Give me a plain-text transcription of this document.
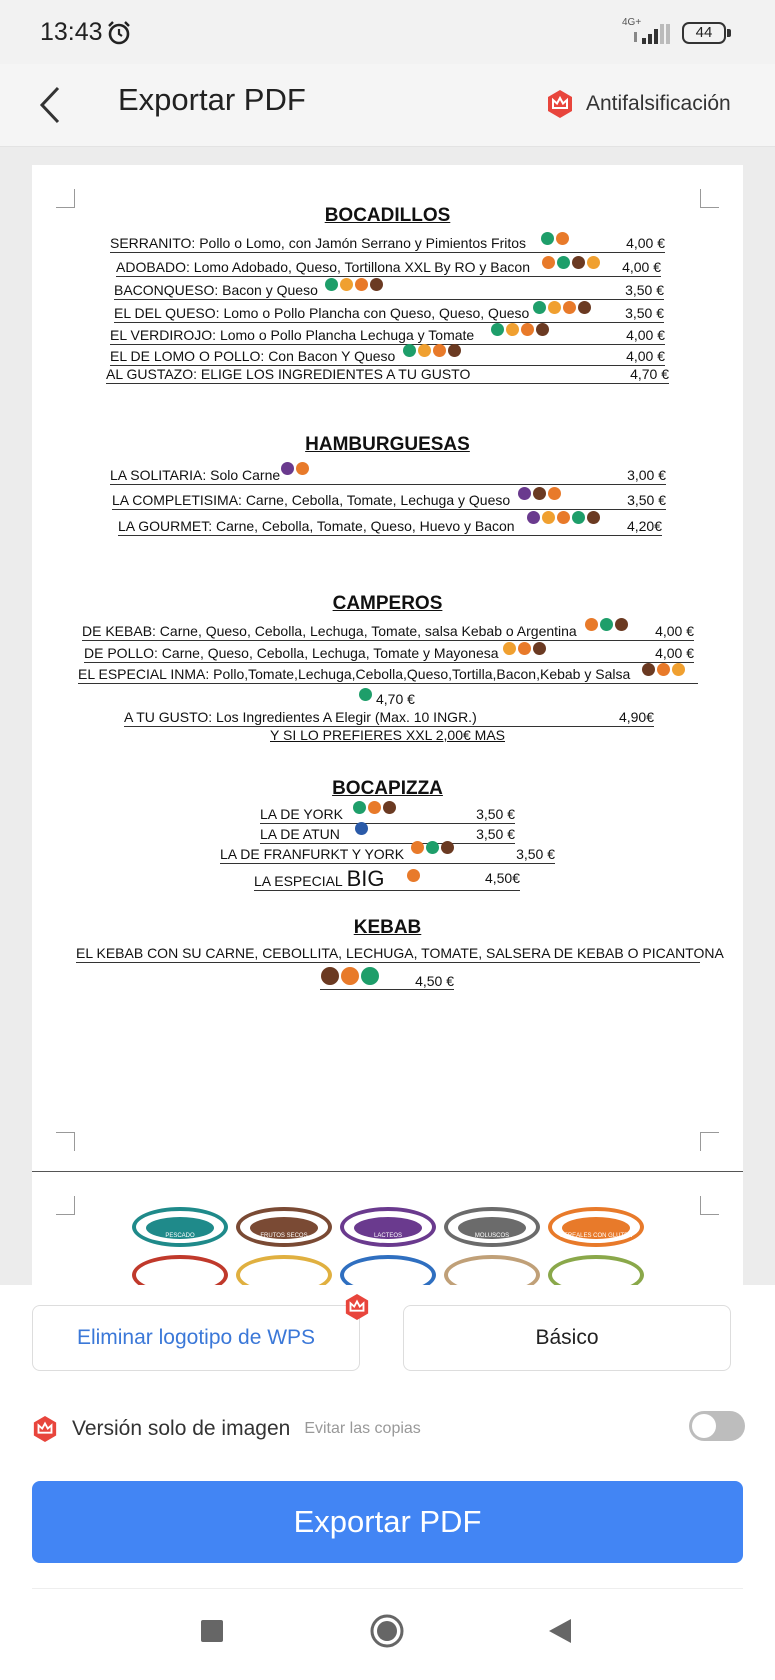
13:43	4G+
44
Exportar PDF	Antifalsificación
BOCADILLOS
SERRANITO: Pollo o Lomo, con Jamón Serrano y Pimientos Fritos	4,00 €
ADOBADO: Lomo Adobado, Queso, Tortillona XXL By RO y Bacon	4,00 €
BACONQUESO: Bacon y Queso	3,50 €
EL DEL QUESO: Lomo o Pollo Plancha con Queso, Queso, Queso	3,50 €
EL VERDIROJO: Lomo o Pollo Plancha Lechuga y Tomate	4,00 €
EL DE LOMO O POLLO: Con Bacon Y Queso	4,00 €
AL GUSTAZO: ELIGE LOS INGREDIENTES A TU GUSTO	4,70 €
HAMBURGUESAS
LA SOLITARIA: Solo Carne	3,00 €
LA COMPLETISIMA: Carne, Cebolla, Tomate, Lechuga y Queso	3,50 €
LA GOURMET: Carne, Cebolla, Tomate, Queso, Huevo y Bacon	4,20€
CAMPEROS
DE KEBAB: Carne, Queso, Cebolla, Lechuga, Tomate, salsa Kebab o Argentina	4,00 €
DE POLLO: Carne, Queso, Cebolla, Lechuga, Tomate y Mayonesa	4,00 €
EL ESPECIAL INMA: Pollo,Tomate,Lechuga,Cebolla,Queso,Tortilla,Bacon,Kebab y Salsa
4,70 €
A TU GUSTO: Los Ingredientes A Elegir (Max. 10 INGR.)	4,90€
Y SI LO PREFIERES XXL 2,00€ MAS
BOCAPIZZA
LA DE YORK	3,50 €
LA DE ATUN	3,50 €
LA DE FRANFURKT Y YORK	3,50 €
LA ESPECIAL BIG	4,50€
KEBAB
EL KEBAB CON SU CARNE, CEBOLLITA, LECHUGA, TOMATE, SALSERA DE KEBAB O PICANTONA
4,50 €
PESCADO	FRUTOS SECOS	LACTEOS	MOLUSCOS	CEREALES CON GLUTEN
Eliminar logotipo de WPS	Básico
Versión solo de imagen Evitar las copias
Exportar PDF
